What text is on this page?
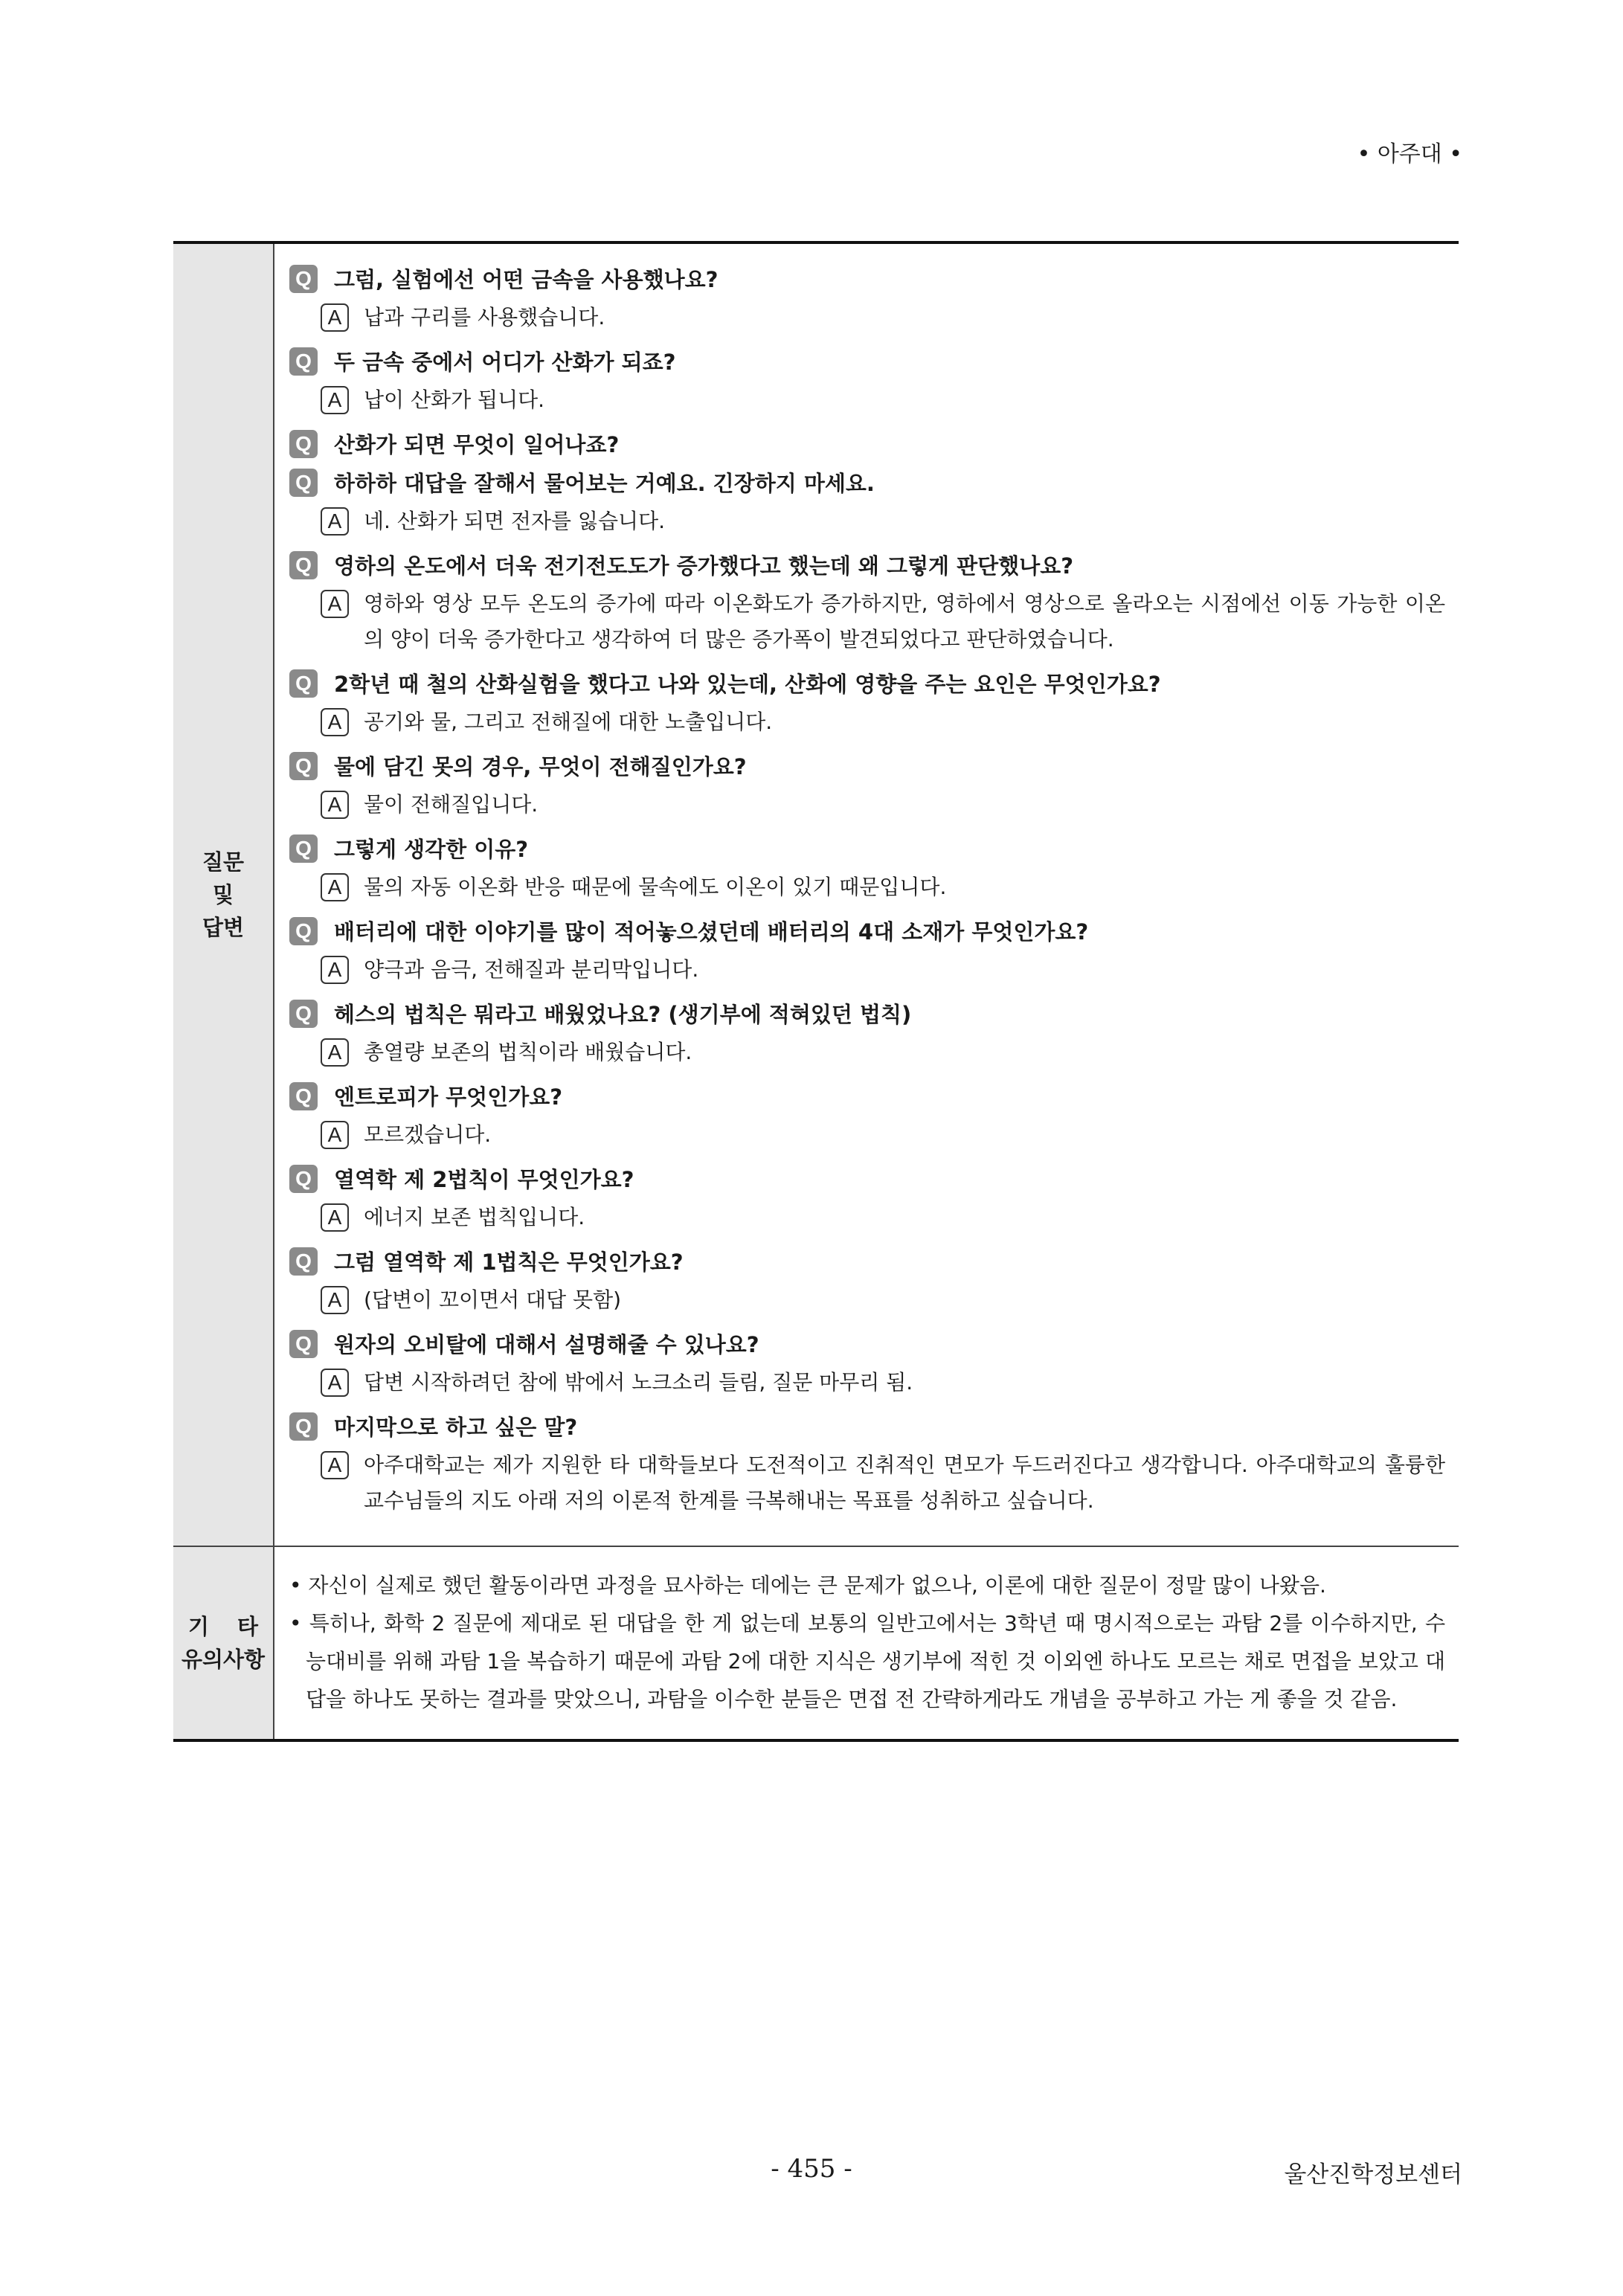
• 아주대 •
질문
및
답변
Q 그럼, 실험에선 어떤 금속을 사용했나요?
A	납과 구리를 사용했습니다.
Q 두 금속 중에서 어디가 산화가 되죠?
A	납이 산화가 됩니다.
Q 산화가 되면 무엇이 일어나죠?
Q 하하하 대답을 잘해서 물어보는 거예요. 긴장하지 마세요.
A	네. 산화가 되면 전자를 잃습니다.
Q 영하의 온도에서 더욱 전기전도도가 증가했다고 했는데 왜 그렇게 판단했나요?
A	영하와 영상 모두 온도의 증가에 따라 이온화도가 증가하지만, 영하에서 영상으로 올라오는 시점에선 이동 가능한 이온의 양이 더욱 증가한다고 생각하여 더 많은 증가폭이 발견되었다고 판단하였습니다.
Q 2학년 때 철의 산화실험을 했다고 나와 있는데, 산화에 영향을 주는 요인은 무엇인가요?
A	공기와 물, 그리고 전해질에 대한 노출입니다.
Q 물에 담긴 못의 경우, 무엇이 전해질인가요?
A	물이 전해질입니다.
Q 그렇게 생각한 이유?
A	물의 자동 이온화 반응 때문에 물속에도 이온이 있기 때문입니다.
Q 배터리에 대한 이야기를 많이 적어놓으셨던데 배터리의 4대 소재가 무엇인가요?
A	양극과 음극, 전해질과 분리막입니다.
Q 헤스의 법칙은 뭐라고 배웠었나요? (생기부에 적혀있던 법칙)
A	총열량 보존의 법칙이라 배웠습니다.
Q 엔트로피가 무엇인가요?
A	모르겠습니다.
Q 열역학 제 2법칙이 무엇인가요?
A	에너지 보존 법칙입니다.
Q 그럼 열역학 제 1법칙은 무엇인가요?
A	(답변이 꼬이면서 대답 못함)
Q 원자의 오비탈에 대해서 설명해줄 수 있나요?
A	답변 시작하려던 참에 밖에서 노크소리 들림, 질문 마무리 됨.
Q 마지막으로 하고 싶은 말?
A	아주대학교는 제가 지원한 타 대학들보다 도전적이고 진취적인 면모가 두드러진다고 생각합니다. 아주대학교의 훌륭한 교수님들의 지도 아래 저의 이론적 한계를 극복해내는 목표를 성취하고 싶습니다.
기타
유의사항
• 자신이 실제로 했던 활동이라면 과정을 묘사하는 데에는 큰 문제가 없으나, 이론에 대한 질문이 정말 많이 나왔음.
• 특히나, 화학 2 질문에 제대로 된 대답을 한 게 없는데 보통의 일반고에서는 3학년 때 명시적으로는 과탐 2를 이수하지만, 수능대비를 위해 과탐 1을 복습하기 때문에 과탐 2에 대한 지식은 생기부에 적힌 것 이외엔 하나도 모르는 채로 면접을 보았고 대답을 하나도 못하는 결과를 맞았으니, 과탐을 이수한 분들은 면접 전 간략하게라도 개념을 공부하고 가는 게 좋을 것 같음.
- 455 -	울산진학정보센터
